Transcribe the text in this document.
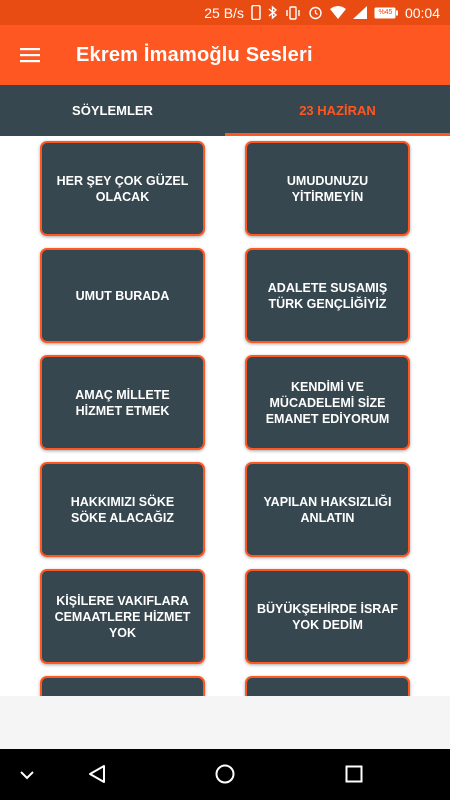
25 B/s	%45 00:04
Ekrem İmamoğlu Sesleri
SÖYLEMLER	23 HAZİRAN
HER ŞEY ÇOK GÜZEL OLACAK
UMUDUNUZU YİTİRMEYİN
UMUT BURADA
ADALETE SUSAMIŞ TÜRK GENÇLİĞİYİZ
AMAÇ MİLLETE HİZMET ETMEK
KENDİMİ VE MÜCADELEMİ SİZE EMANET EDİYORUM
HAKKIMIZI SÖKE SÖKE ALACAĞIZ
YAPILAN HAKSIZLIĞI ANLATIN
KİŞİLERE VAKIFLARA CEMAATLERE HİZMET YOK
BÜYÜKŞEHİRDE İSRAF YOK DEDİM
